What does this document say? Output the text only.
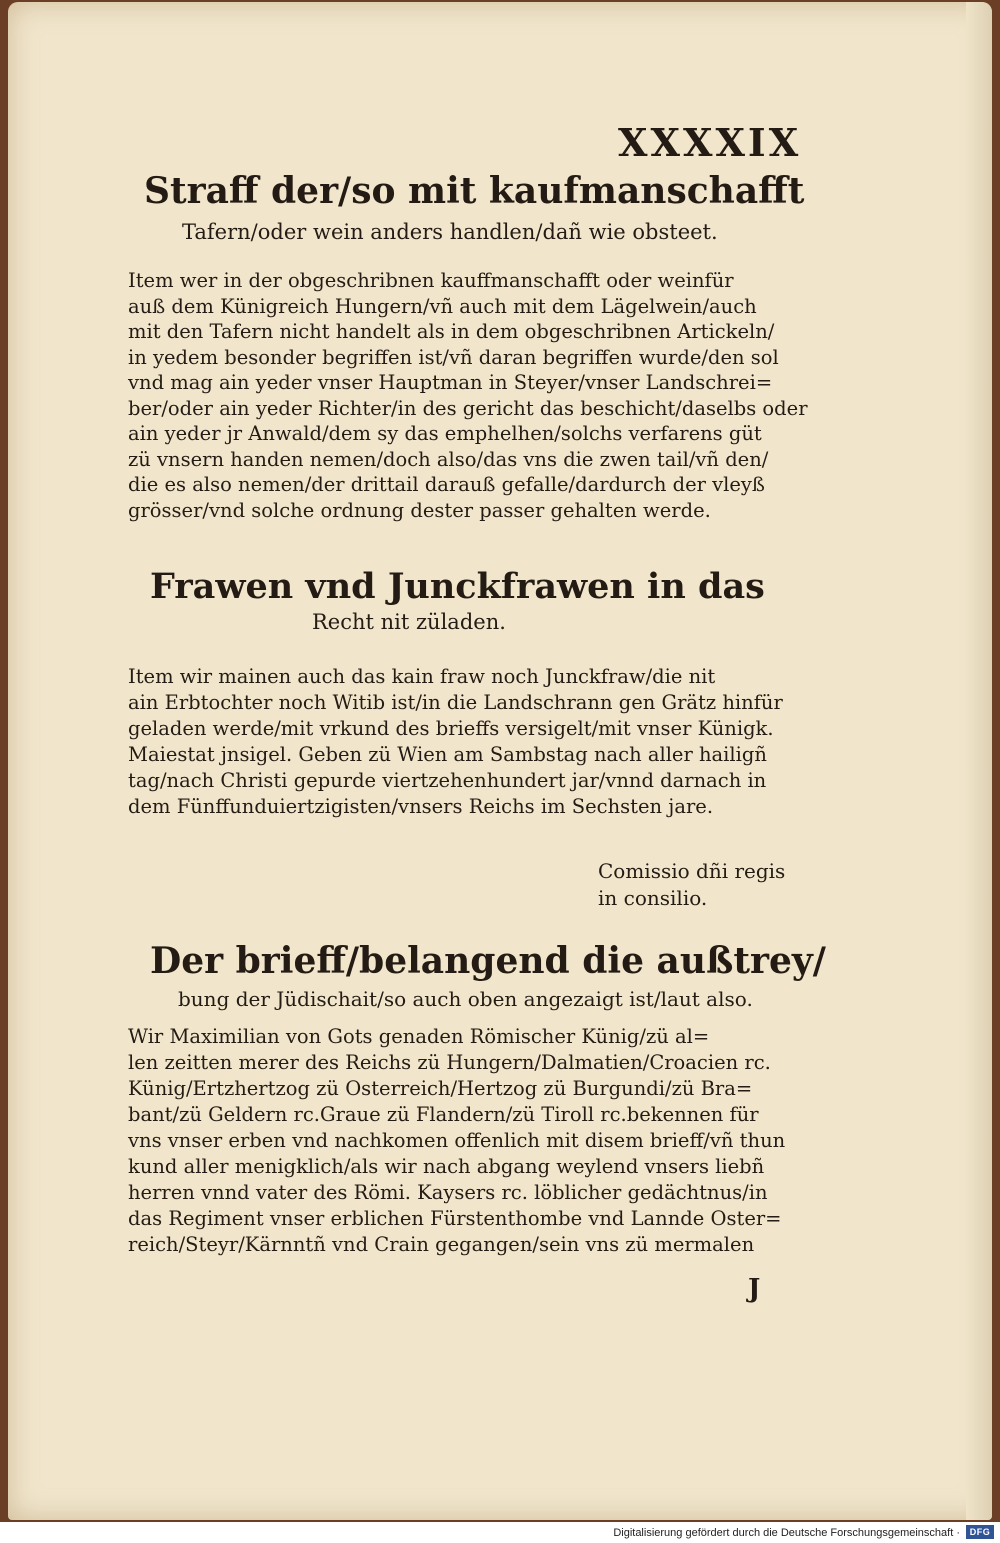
XXXXIX
Straff der/so mit kaufmanschafft
Tafern/oder wein anders handlen/dañ wie obsteet.
Item wer in der obgeschribnen kauffmanschafft oder weinfür
auß dem Künigreich Hungern/vñ auch mit dem Lägelwein/auch
mit den Tafern nicht handelt als in dem obgeschribnen Artickeln/
in yedem besonder begriffen ist/vñ daran begriffen wurde/den sol
vnd mag ain yeder vnser Hauptman in Steyer/vnser Landschrei=
ber/oder ain yeder Richter/in des gericht das beschicht/daselbs oder
ain yeder jr Anwald/dem sy das emphelhen/solchs verfarens güt
zü vnsern handen nemen/doch also/das vns die zwen tail/vñ den/
die es also nemen/der drittail darauß gefalle/dardurch der vleyß
grösser/vnd solche ordnung dester passer gehalten werde.
Frawen vnd Junckfrawen in das
Recht nit züladen.
Item wir mainen auch das kain fraw noch Junckfraw/die nit
ain Erbtochter noch Witib ist/in die Landschrann gen Grätz hinfür
geladen werde/mit vrkund des brieffs versigelt/mit vnser Künigk.
Maiestat jnsigel. Geben zü Wien am Sambstag nach aller hailigñ
tag/nach Christi gepurde viertzehenhundert jar/vnnd darnach in
dem Fünffunduiertzigisten/vnsers Reichs im Sechsten jare.
Comissio dñi regis
in consilio.
Der brieff/belangend die außtrey/
bung der Jüdischait/so auch oben angezaigt ist/laut also.
Wir Maximilian von Gots genaden Römischer Künig/zü al=
len zeitten merer des Reichs zü Hungern/Dalmatien/Croacien rc.
Künig/Ertzhertzog zü Osterreich/Hertzog zü Burgundi/zü Bra=
bant/zü Geldern rc.Graue zü Flandern/zü Tiroll rc.bekennen für
vns vnser erben vnd nachkomen offenlich mit disem brieff/vñ thun
kund aller menigklich/als wir nach abgang weylend vnsers liebñ
herren vnnd vater des Römi. Kaysers rc. löblicher gedächtnus/in
das Regiment vnser erblichen Fürstenthombe vnd Lannde Oster=
reich/Steyr/Kärnntñ vnd Crain gegangen/sein vns zü mermalen
J
Digitalisierung gefördert durch die Deutsche Forschungsgemeinschaft ·	DFG
